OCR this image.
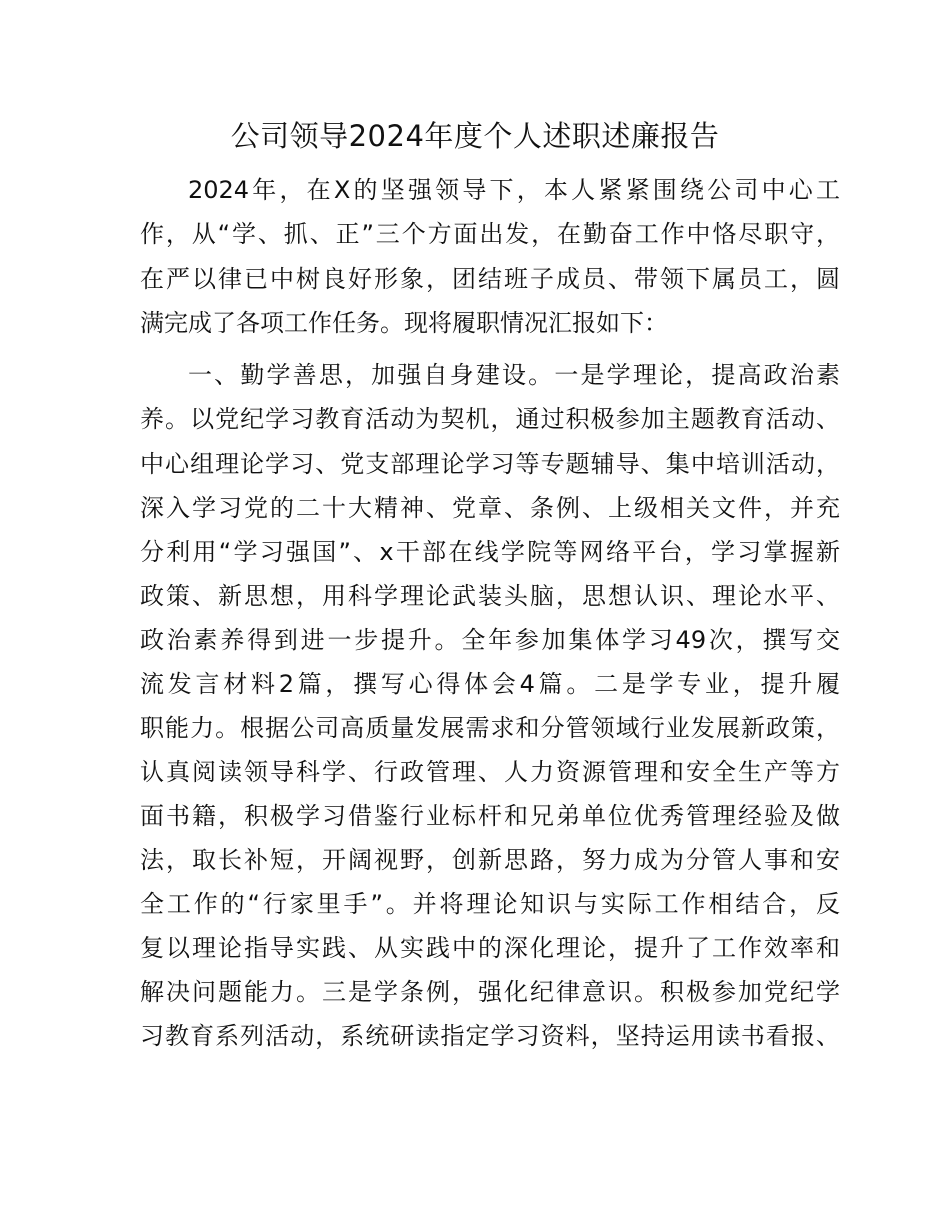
公司领导2024年度个人述职述廉报告
2024年，在X的坚强领导下，本人紧紧围绕公司中心工
作，从“学、抓、正”三个方面出发，在勤奋工作中恪尽职守，
在严以律已中树良好形象，团结班子成员、带领下属员工，圆
满完成了各项工作任务。现将履职情况汇报如下：
一、勤学善思，加强自身建设。一是学理论，提高政治素
养。以党纪学习教育活动为契机，通过积极参加主题教育活动、
中心组理论学习、党支部理论学习等专题辅导、集中培训活动，
深入学习党的二十大精神、党章、条例、上级相关文件，并充
分利用“学习强国”、x干部在线学院等网络平台，学习掌握新
政策、新思想，用科学理论武装头脑，思想认识、理论水平、
政治素养得到进一步提升。全年参加集体学习49次，撰写交
流发言材料2篇，撰写心得体会4篇。二是学专业，提升履
职能力。根据公司高质量发展需求和分管领域行业发展新政策，
认真阅读领导科学、行政管理、人力资源管理和安全生产等方
面书籍，积极学习借鉴行业标杆和兄弟单位优秀管理经验及做
法，取长补短，开阔视野，创新思路，努力成为分管人事和安
全工作的“行家里手”。并将理论知识与实际工作相结合，反
复以理论指导实践、从实践中的深化理论，提升了工作效率和
解决问题能力。三是学条例，强化纪律意识。积极参加党纪学
习教育系列活动，系统研读指定学习资料，坚持运用读书看报、
